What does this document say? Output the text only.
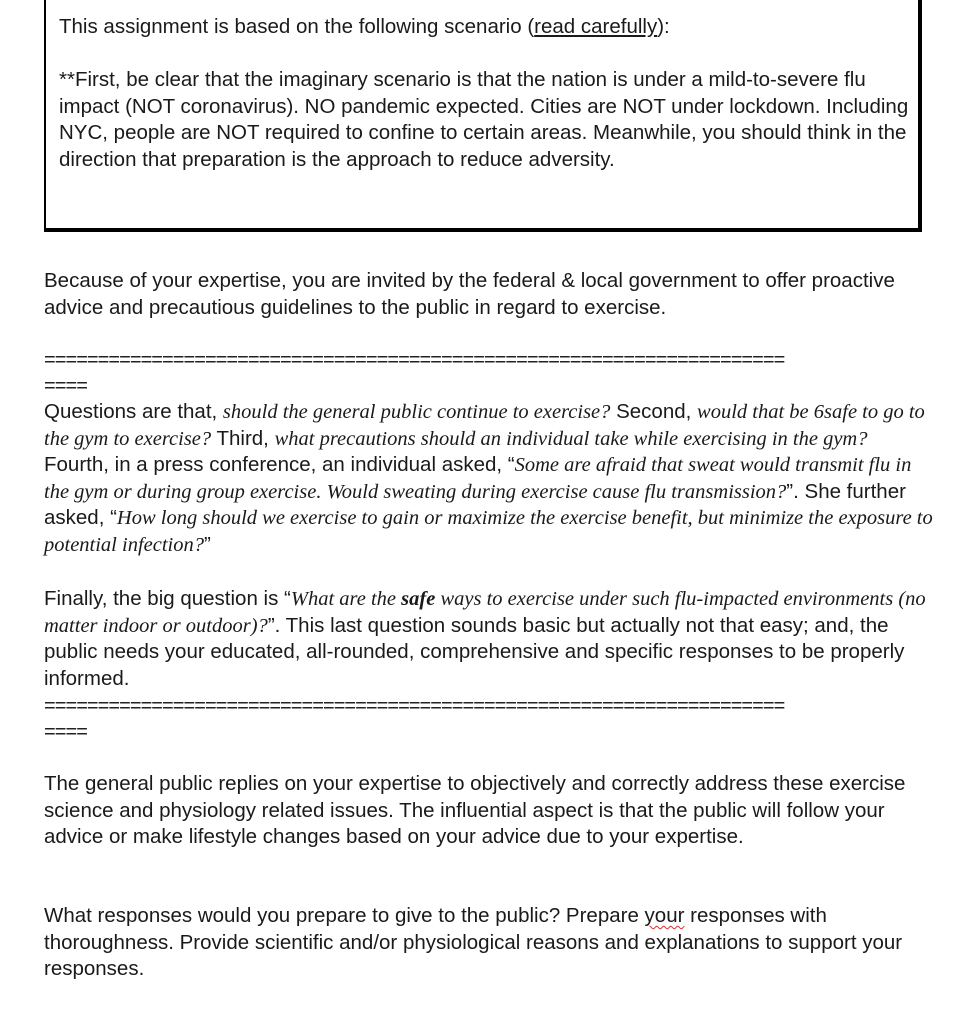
This assignment is based on the following scenario (read carefully):

**First, be clear that the imaginary scenario is that the nation is under a mild-to-severe flu impact (NOT coronavirus). NO pandemic expected. Cities are NOT under lockdown. Including NYC, people are NOT required to confine to certain areas. Meanwhile, you should think in the direction that preparation is the approach to reduce adversity.

Because of your expertise, you are invited by the federal & local government to offer proactive advice and precautious guidelines to the public in regard to exercise.

=====================================================================

====

Questions are that, should the general public continue to exercise? Second, would that be 6safe to go to the gym to exercise? Third, what precautions should an individual take while exercising in the gym? Fourth, in a press conference, an individual asked, “Some are afraid that sweat would transmit flu in the gym or during group exercise. Would sweating during exercise cause flu transmission?”. She further asked, “How long should we exercise to gain or maximize the exercise benefit, but minimize the exposure to potential infection?”

Finally, the big question is “What are the safe ways to exercise under such flu-impacted environments (no matter indoor or outdoor)?”. This last question sounds basic but actually not that easy; and, the public needs your educated, all-rounded, comprehensive and specific responses to be properly informed.

=====================================================================

====

The general public replies on your expertise to objectively and correctly address these exercise science and physiology related issues. The influential aspect is that the public will follow your advice or make lifestyle changes based on your advice due to your expertise.

What responses would you prepare to give to the public? Prepare your responses with thoroughness. Provide scientific and/or physiological reasons and explanations to support your responses.
